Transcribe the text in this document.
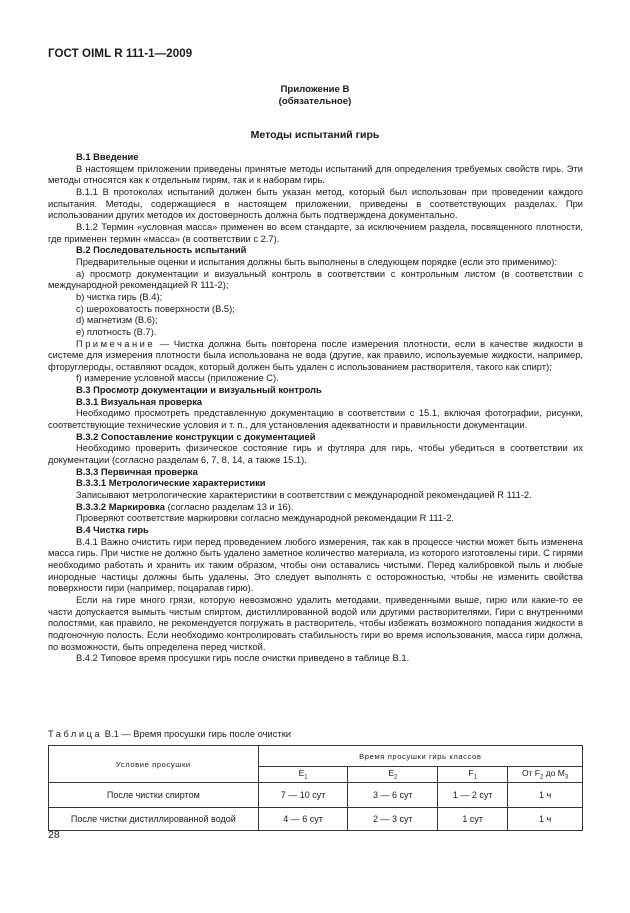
ГОСТ OIML R 111-1—2009
Приложение В
(обязательное)
Методы испытаний гирь

В.1 Введение

В настоящем приложении приведены принятые методы испытаний для определения требуемых свойств гирь. Эти методы относятся как к отдельным гирям, так и к наборам гирь.

В.1.1 В протоколах испытаний должен быть указан метод, который был использован при проведении каждого испытания. Методы, содержащиеся в настоящем приложении, приведены в соответствующих разделах. При использовании других методов их достоверность должна быть подтверждена документально.

В.1.2 Термин «условная масса» применен во всем стандарте, за исключением раздела, посвященного плотности, где применен термин «масса» (в соответствии с 2.7).

В.2 Последовательность испытаний

Предварительные оценки и испытания должны быть выполнены в следующем порядке (если это применимо):

а) просмотр документации и визуальный контроль в соответствии с контрольным листом (в соответствии с международной рекомендацией R 111-2);

b) чистка гирь (В.4);

c) шероховатость поверхности (В.5);

d) магнетизм (В.6);

e) плотность (В.7).

Примечание — Чистка должна быть повторена после измерения плотности, если в качестве жидкости в системе для измерения плотности была использована не вода (другие, как правило, используемые жидкости, например, фторуглероды, оставляют осадок, который должен быть удален с использованием растворителя, такого как спирт);

f) измерение условной массы (приложение С).

В.3 Просмотр документации и визуальный контроль

В.3.1 Визуальная проверка

Необходимо просмотреть представленную документацию в соответствии с 15.1, включая фотографии, рисунки, соответствующие технические условия и т. п., для установления адекватности и правильности документации.

В.3.2 Сопоставление конструкции с документацией

Необходимо проверить физическое состояние гирь и футляра для гирь, чтобы убедиться в соответствии их документации (согласно разделам 6, 7, 8, 14, а также 15.1).

В.3.3 Первичная проверка

В.3.3.1 Метрологические характеристики

Записывают метрологические характеристики в соответствии с международной рекомендацией R 111-2.

В.3.3.2 Маркировка (согласно разделам 13 и 16).

Проверяют соответствие маркировки согласно международной рекомендации R 111-2.

В.4 Чистка гирь

В.4.1 Важно очистить гири перед проведением любого измерения, так как в процессе чистки может быть изменена масса гирь. При чистке не должно быть удалено заметное количество материала, из которого изготовлены гири. С гирями необходимо работать и хранить их таким образом, чтобы они оставались чистыми. Перед калибровкой пыль и любые инородные частицы должны быть удалены. Это следует выполнять с осторожностью, чтобы не изменить свойства поверхности гири (например, поцарапав гирю).

Если на гире много грязи, которую невозможно удалить методами, приведенными выше, гирю или какие-то ее части допускается вымыть чистым спиртом, дистиллированной водой или другими растворителями. Гири с внутренними полостями, как правило, не рекомендуется погружать в растворитель, чтобы избежать возможного попадания жидкости в подгоночную полость. Если необходимо контролировать стабильность гири во время использования, масса гири должна, по возможности, быть определена перед чисткой.

В.4.2 Типовое время просушки гирь после очистки приведено в таблице В.1.

Таблица В.1 — Время просушки гирь после очистки
Условие просушки	Время просушки гирь классов			
	$E_1$	$E_2$	$F_1$	От $F_2$ до $M_3$
После чистки спиртом	7 — 10 сут	3 — 6 сут	1 — 2 сут	1 ч
После чистки дистиллированной водой	4 — 6 сут	2 — 3 сут	1 сут	1 ч
28
